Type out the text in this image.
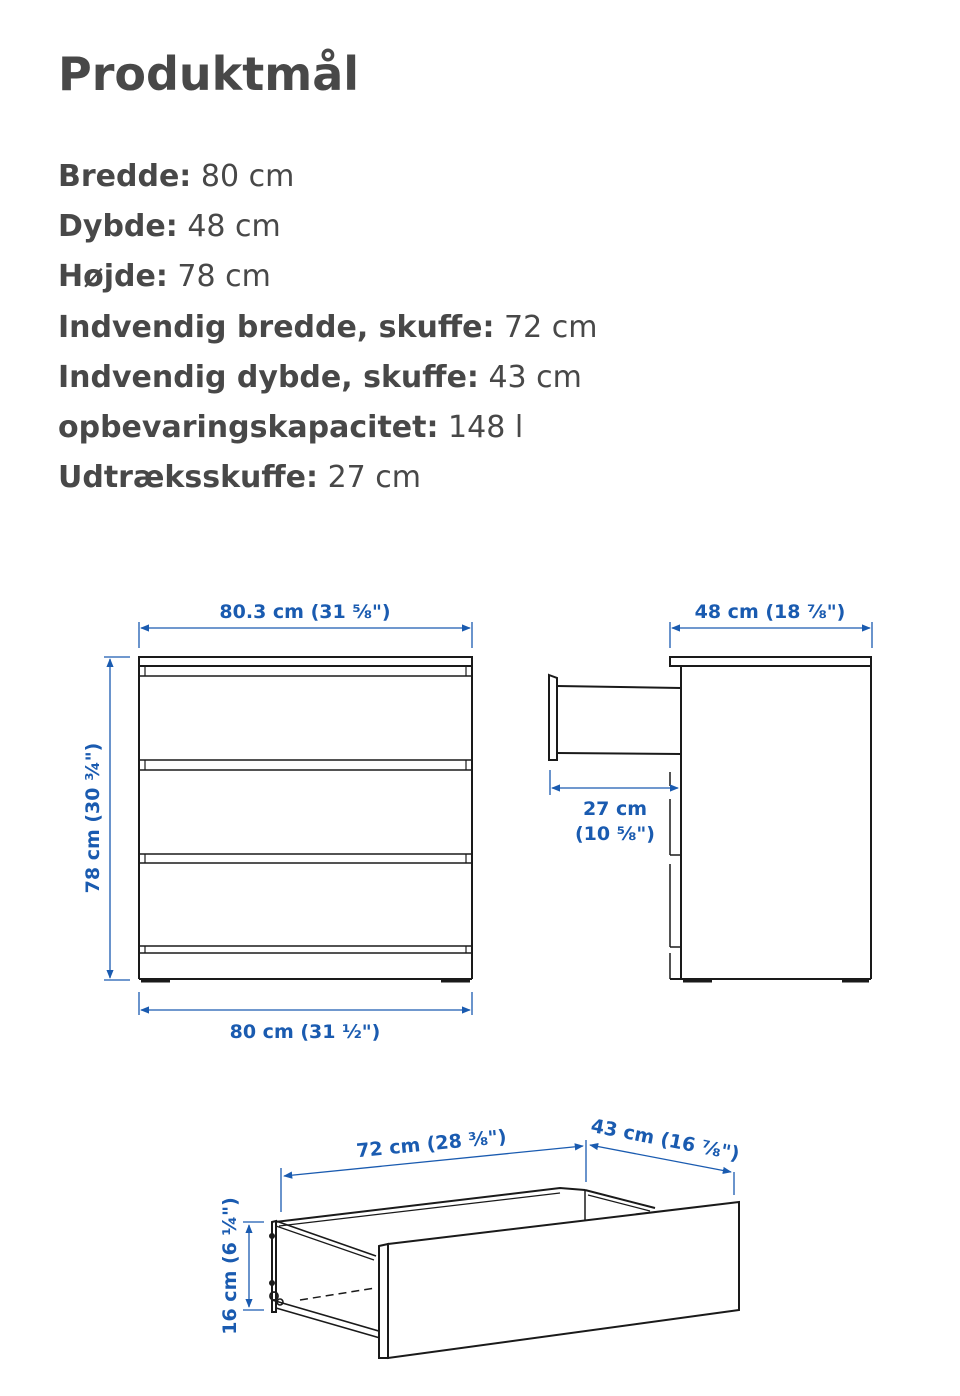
Produktmål
Bredde: 80 cm
Dybde: 48 cm
Højde: 78 cm
Indvendig bredde, skuffe: 72 cm
Indvendig dybde, skuffe: 43 cm
opbevaringskapacitet: 148 l
Udtræksskuffe: 27 cm
80.3 cm (31 ⅝")
80 cm (31 ½")
78 cm (30 ¾")
48 cm (18 ⅞")
27 cm
(10 ⅝")
72 cm (28 ⅜")	43 cm (16 ⅞")
16 cm (6 ¼")
